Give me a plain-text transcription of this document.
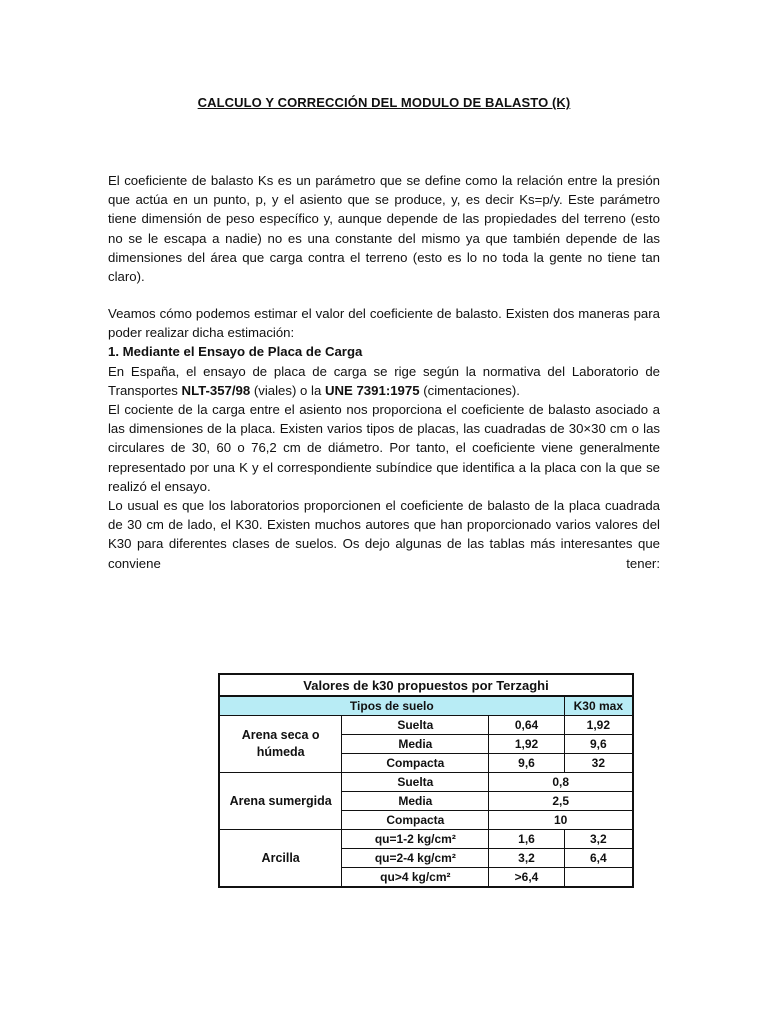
CALCULO Y CORRECCIÓN DEL MODULO DE BALASTO (K)

El coeficiente de balasto Ks es un parámetro que se define como la relación entre la presión que actúa en un punto, p, y el asiento que se produce, y, es decir Ks=p/y. Este parámetro tiene dimensión de peso específico y, aunque depende de las propiedades del terreno (esto no se le escapa a nadie) no es una constante del mismo ya que también depende de las dimensiones del área que carga contra el terreno (esto es lo no toda la gente no tiene tan claro).

Veamos cómo podemos estimar el valor del coeficiente de balasto. Existen dos maneras para poder realizar dicha estimación:
1. Mediante el Ensayo de Placa de Carga
En España, el ensayo de placa de carga se rige según la normativa del Laboratorio de Transportes NLT-357/98 (viales) o la UNE 7391:1975 (cimentaciones).
El cociente de la carga entre el asiento nos proporciona el coeficiente de balasto asociado a las dimensiones de la placa. Existen varios tipos de placas, las cuadradas de 30×30 cm o las circulares de 30, 60 o 76,2 cm de diámetro. Por tanto, el coeficiente viene generalmente representado por una K y el correspondiente subíndice que identifica a la placa con la que se realizó el ensayo.
Lo usual es que los laboratorios proporcionen el coeficiente de balasto de la placa cuadrada de 30 cm de lado, el K30. Existen muchos autores que han proporcionado varios valores del K30 para diferentes clases de suelos. Os dejo algunas de las tablas más interesantes que conviene tener:
Valores de k30 propuestos por Terzaghi			
Tipos de suelo			K30 max
Arena seca o húmeda	Suelta	0,64	1,92
	Media	1,92	9,6
	Compacta	9,6	32
Arena sumergida	Suelta	0,8	
	Media	2,5	
	Compacta	10	
Arcilla	qu=1-2 kg/cm²	1,6	3,2
	qu=2-4 kg/cm²	3,2	6,4
	qu>4 kg/cm²	>6,4	
